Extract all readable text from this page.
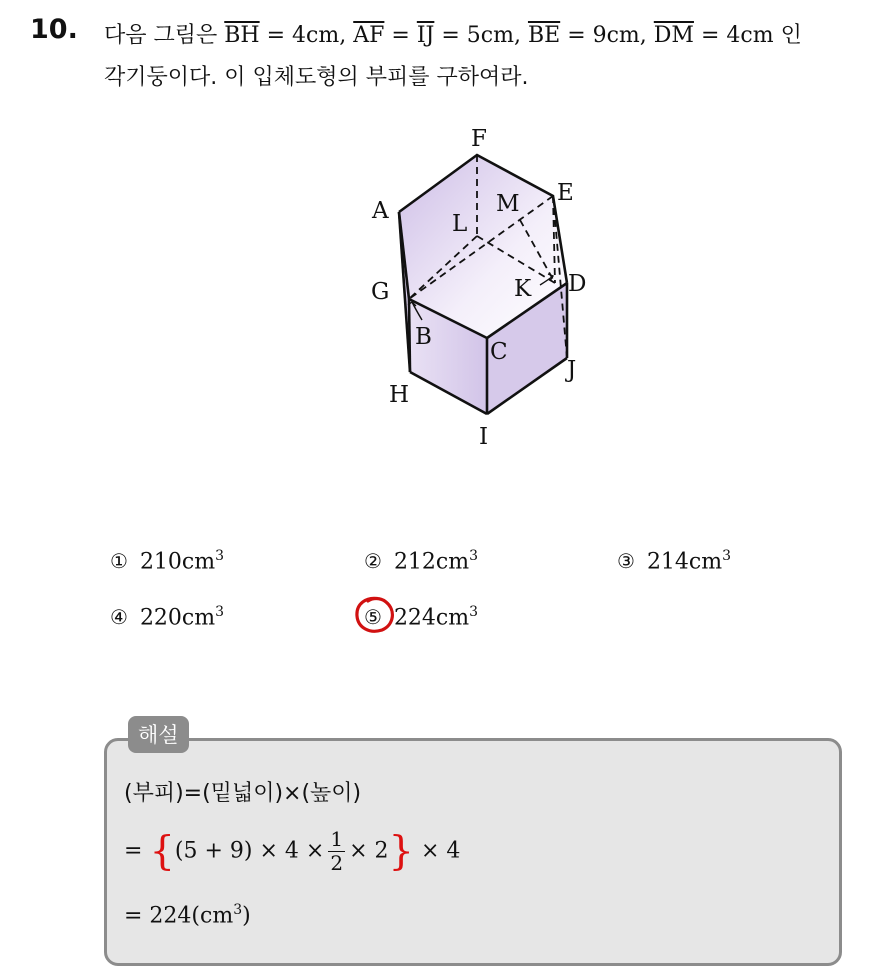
10. 다음 그림은 $\overline{BH} = 4cm$, $\overline{AF} = \overline{IJ} = 5cm$, $\overline{BE} = 9cm$, $\overline{DM} = 4cm$ 인
각기둥이다. 이 입체도형의 부피를 구하여라.
F
E
A	L
M
G	K D
B
C
J
H
I
① $210cm^3$	② $212cm^3$	③ $214cm^3$
④ $220cm^3$	⑤ $224cm^3$
해설
(부피)=(밑넓이)×(높이)
= $\{(5 + 9) \times 4 \times \frac{1}{2} \times 2\} \times 4$
= $224(cm^3)$
